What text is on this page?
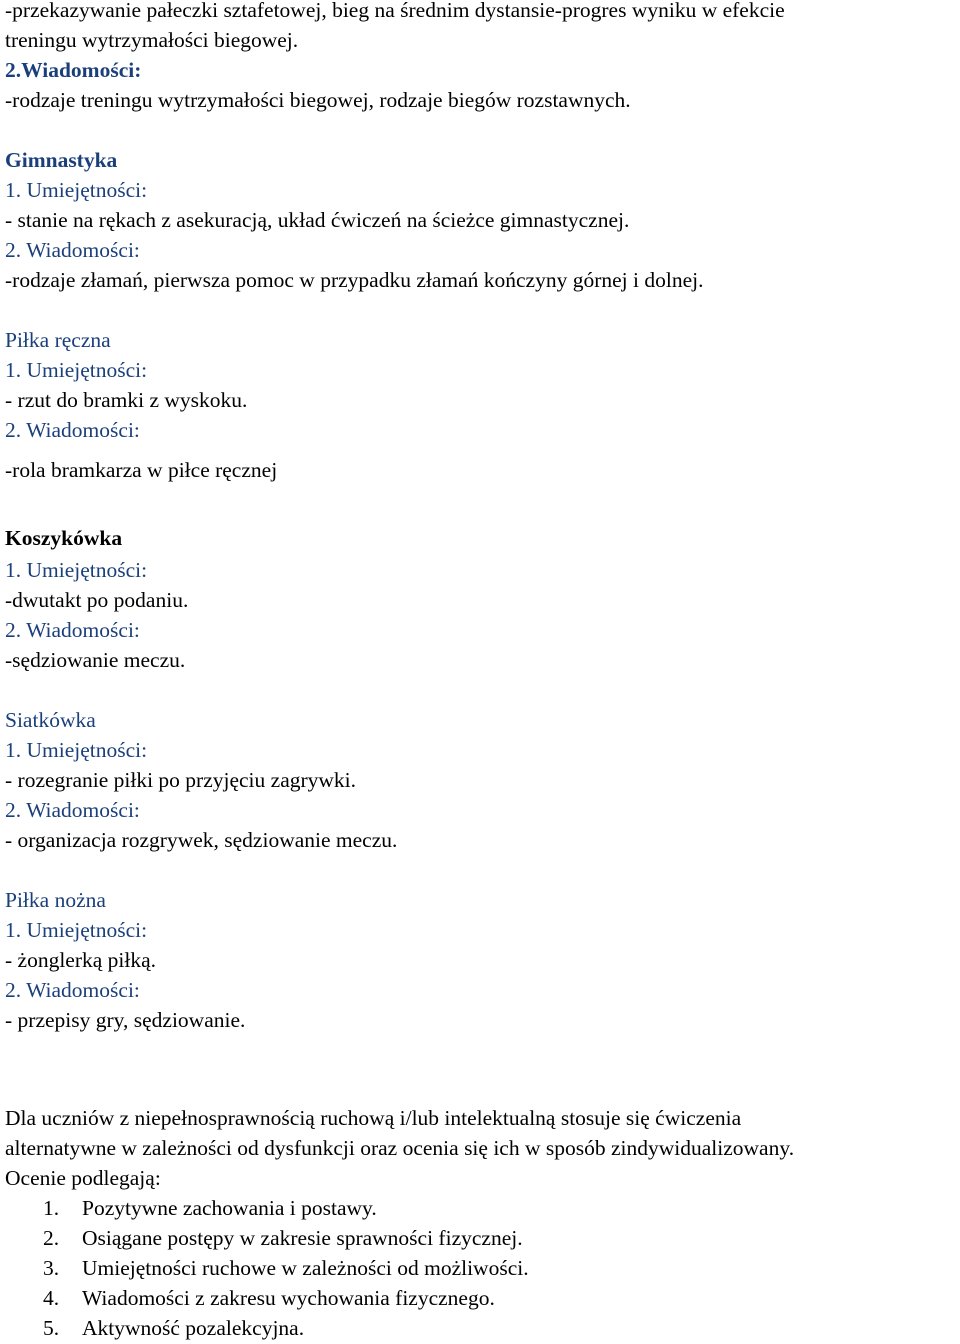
-przekazywanie pałeczki sztafetowej, bieg na średnim dystansie-progres wyniku w efekcie
treningu wytrzymałości biegowej.
2.Wiadomości:
-rodzaje treningu wytrzymałości biegowej, rodzaje biegów rozstawnych.
Gimnastyka
1. Umiejętności:
- stanie na rękach z asekuracją, układ ćwiczeń na ścieżce gimnastycznej.
2. Wiadomości:
-rodzaje złamań, pierwsza pomoc w przypadku złamań kończyny górnej i dolnej.
Piłka ręczna
1. Umiejętności:
- rzut do bramki z wyskoku.
2. Wiadomości:
-rola bramkarza w piłce ręcznej
Koszykówka
1. Umiejętności:
-dwutakt po podaniu.
2. Wiadomości:
-sędziowanie meczu.
Siatkówka
1. Umiejętności:
- rozegranie piłki po przyjęciu zagrywki.
2. Wiadomości:
- organizacja rozgrywek, sędziowanie meczu.
Piłka nożna
1. Umiejętności:
- żonglerką piłką.
2. Wiadomości:
- przepisy gry, sędziowanie.
Dla uczniów z niepełnosprawnością ruchową i/lub intelektualną stosuje się ćwiczenia
alternatywne w zależności od dysfunkcji oraz ocenia się ich w sposób zindywidualizowany.
Ocenie podlegają:
1. Pozytywne zachowania i postawy.
2. Osiągane postępy w zakresie sprawności fizycznej.
3. Umiejętności ruchowe w zależności od możliwości.
4. Wiadomości z zakresu wychowania fizycznego.
5. Aktywność pozalekcyjna.
